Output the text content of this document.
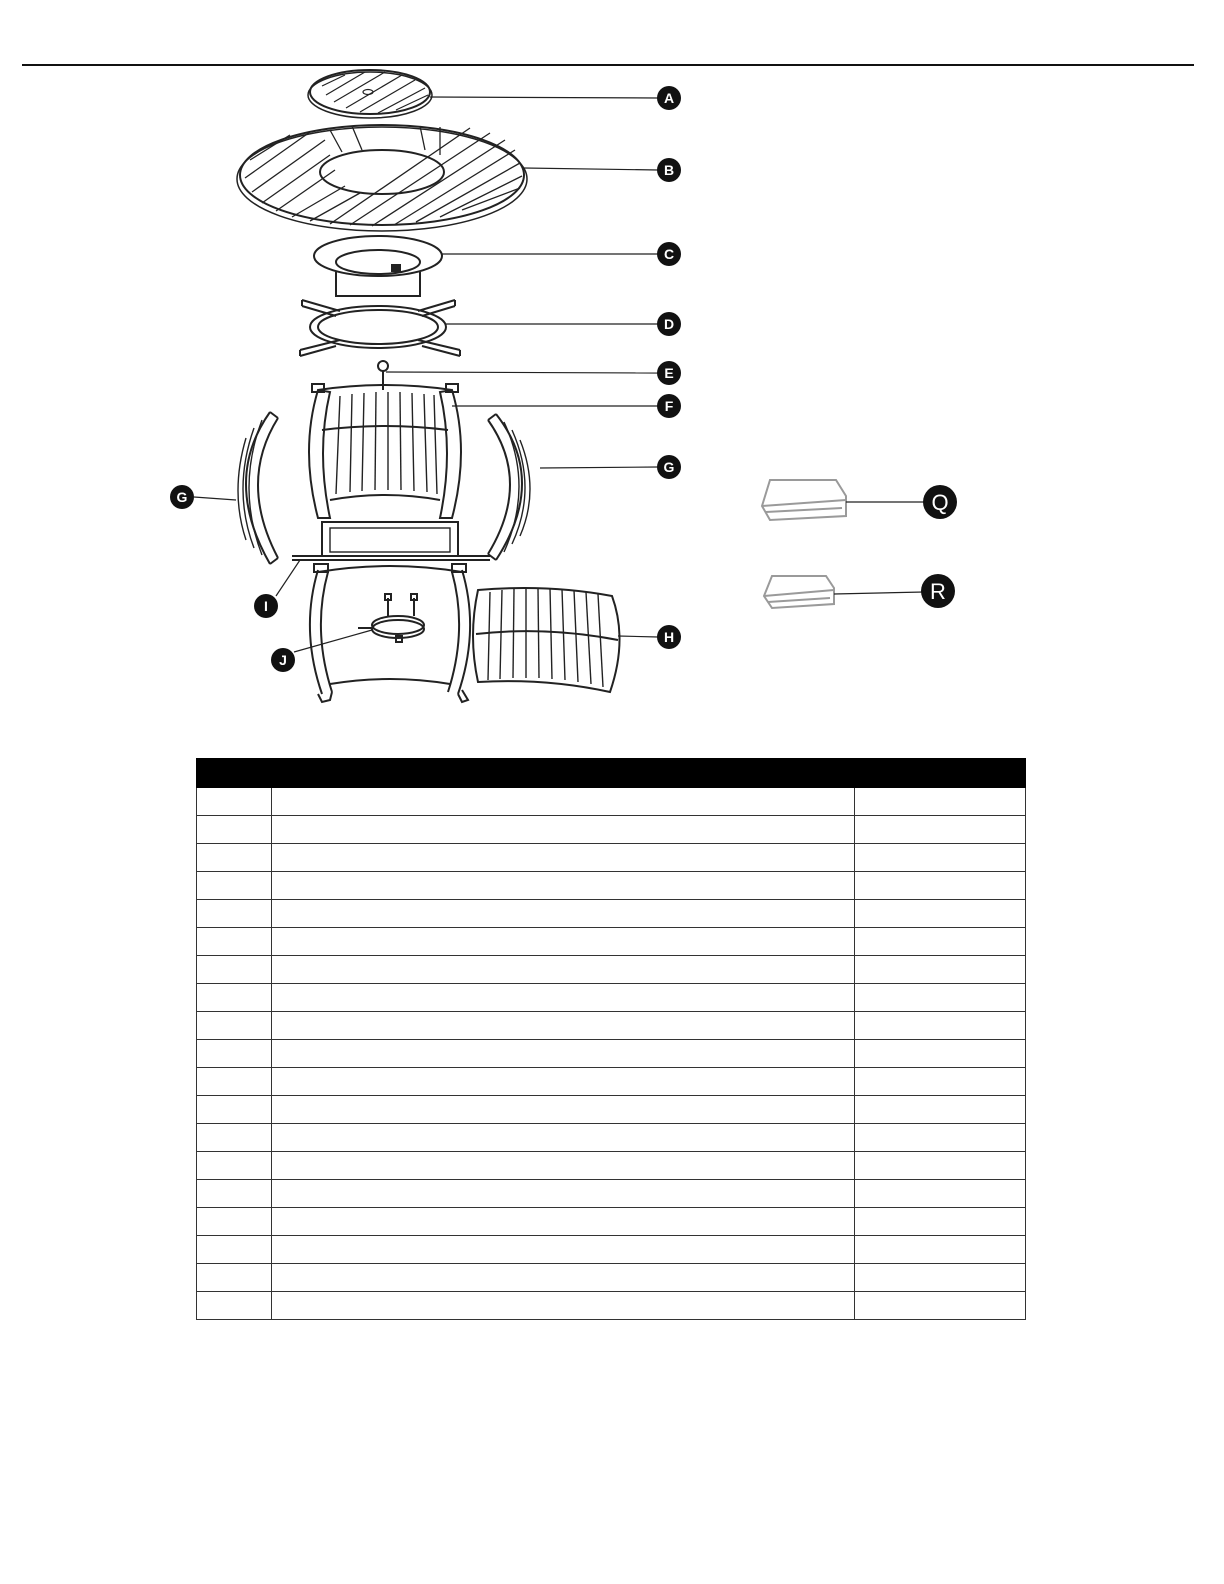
A
B
C
D
E
F
G
G
H
I
J
Q
R
